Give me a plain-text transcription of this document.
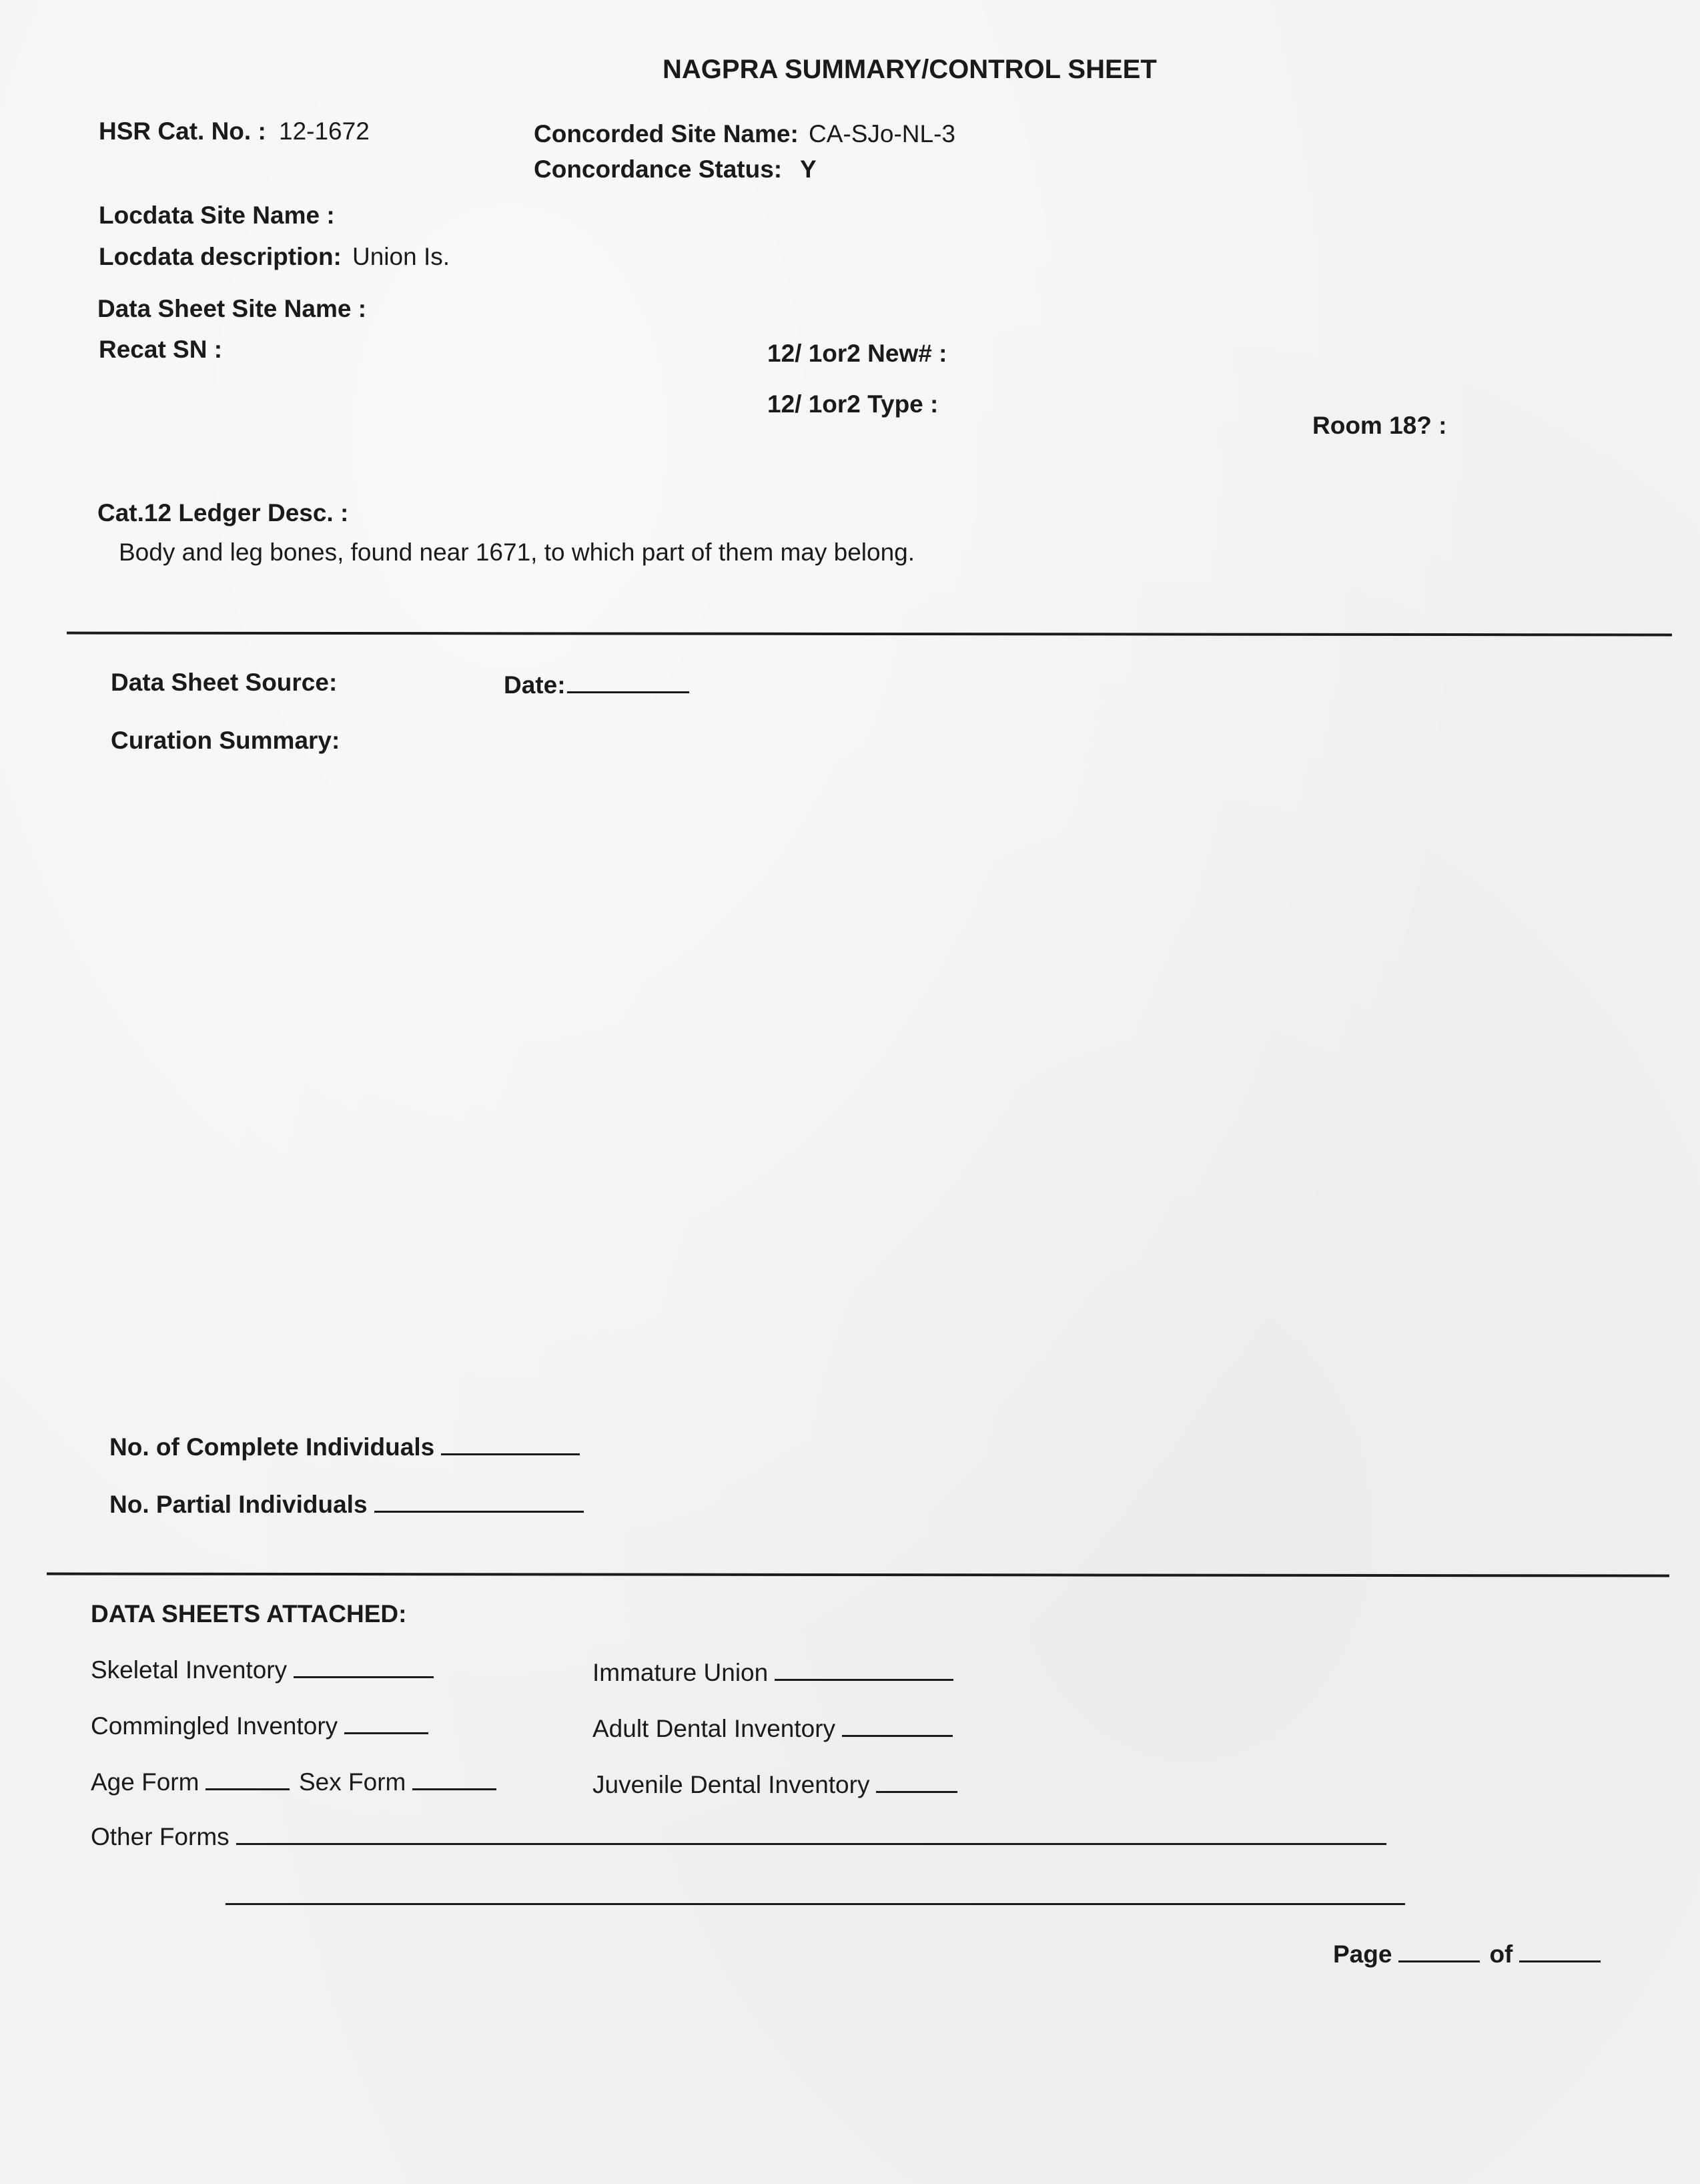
NAGPRA SUMMARY/CONTROL SHEET
HSR Cat. No. : 12-1672	Concorded Site Name: CA-SJo-NL-3
Concordance Status: Y
Locdata Site Name :
Locdata description: Union Is.
Data Sheet Site Name :
Recat SN :	12/ 1or2 New# :
12/ 1or2 Type :
Room 18? :
Cat.12 Ledger Desc. :
Body and leg bones, found near 1671, to which part of them may belong.
Data Sheet Source:	Date:
Curation Summary:
No. of Complete Individuals
No. Partial Individuals
DATA SHEETS ATTACHED:
Skeletal Inventory	Immature Union
Commingled Inventory	Adult Dental Inventory
Age Form	Sex Form	Juvenile Dental Inventory
Other Forms
Page	of
